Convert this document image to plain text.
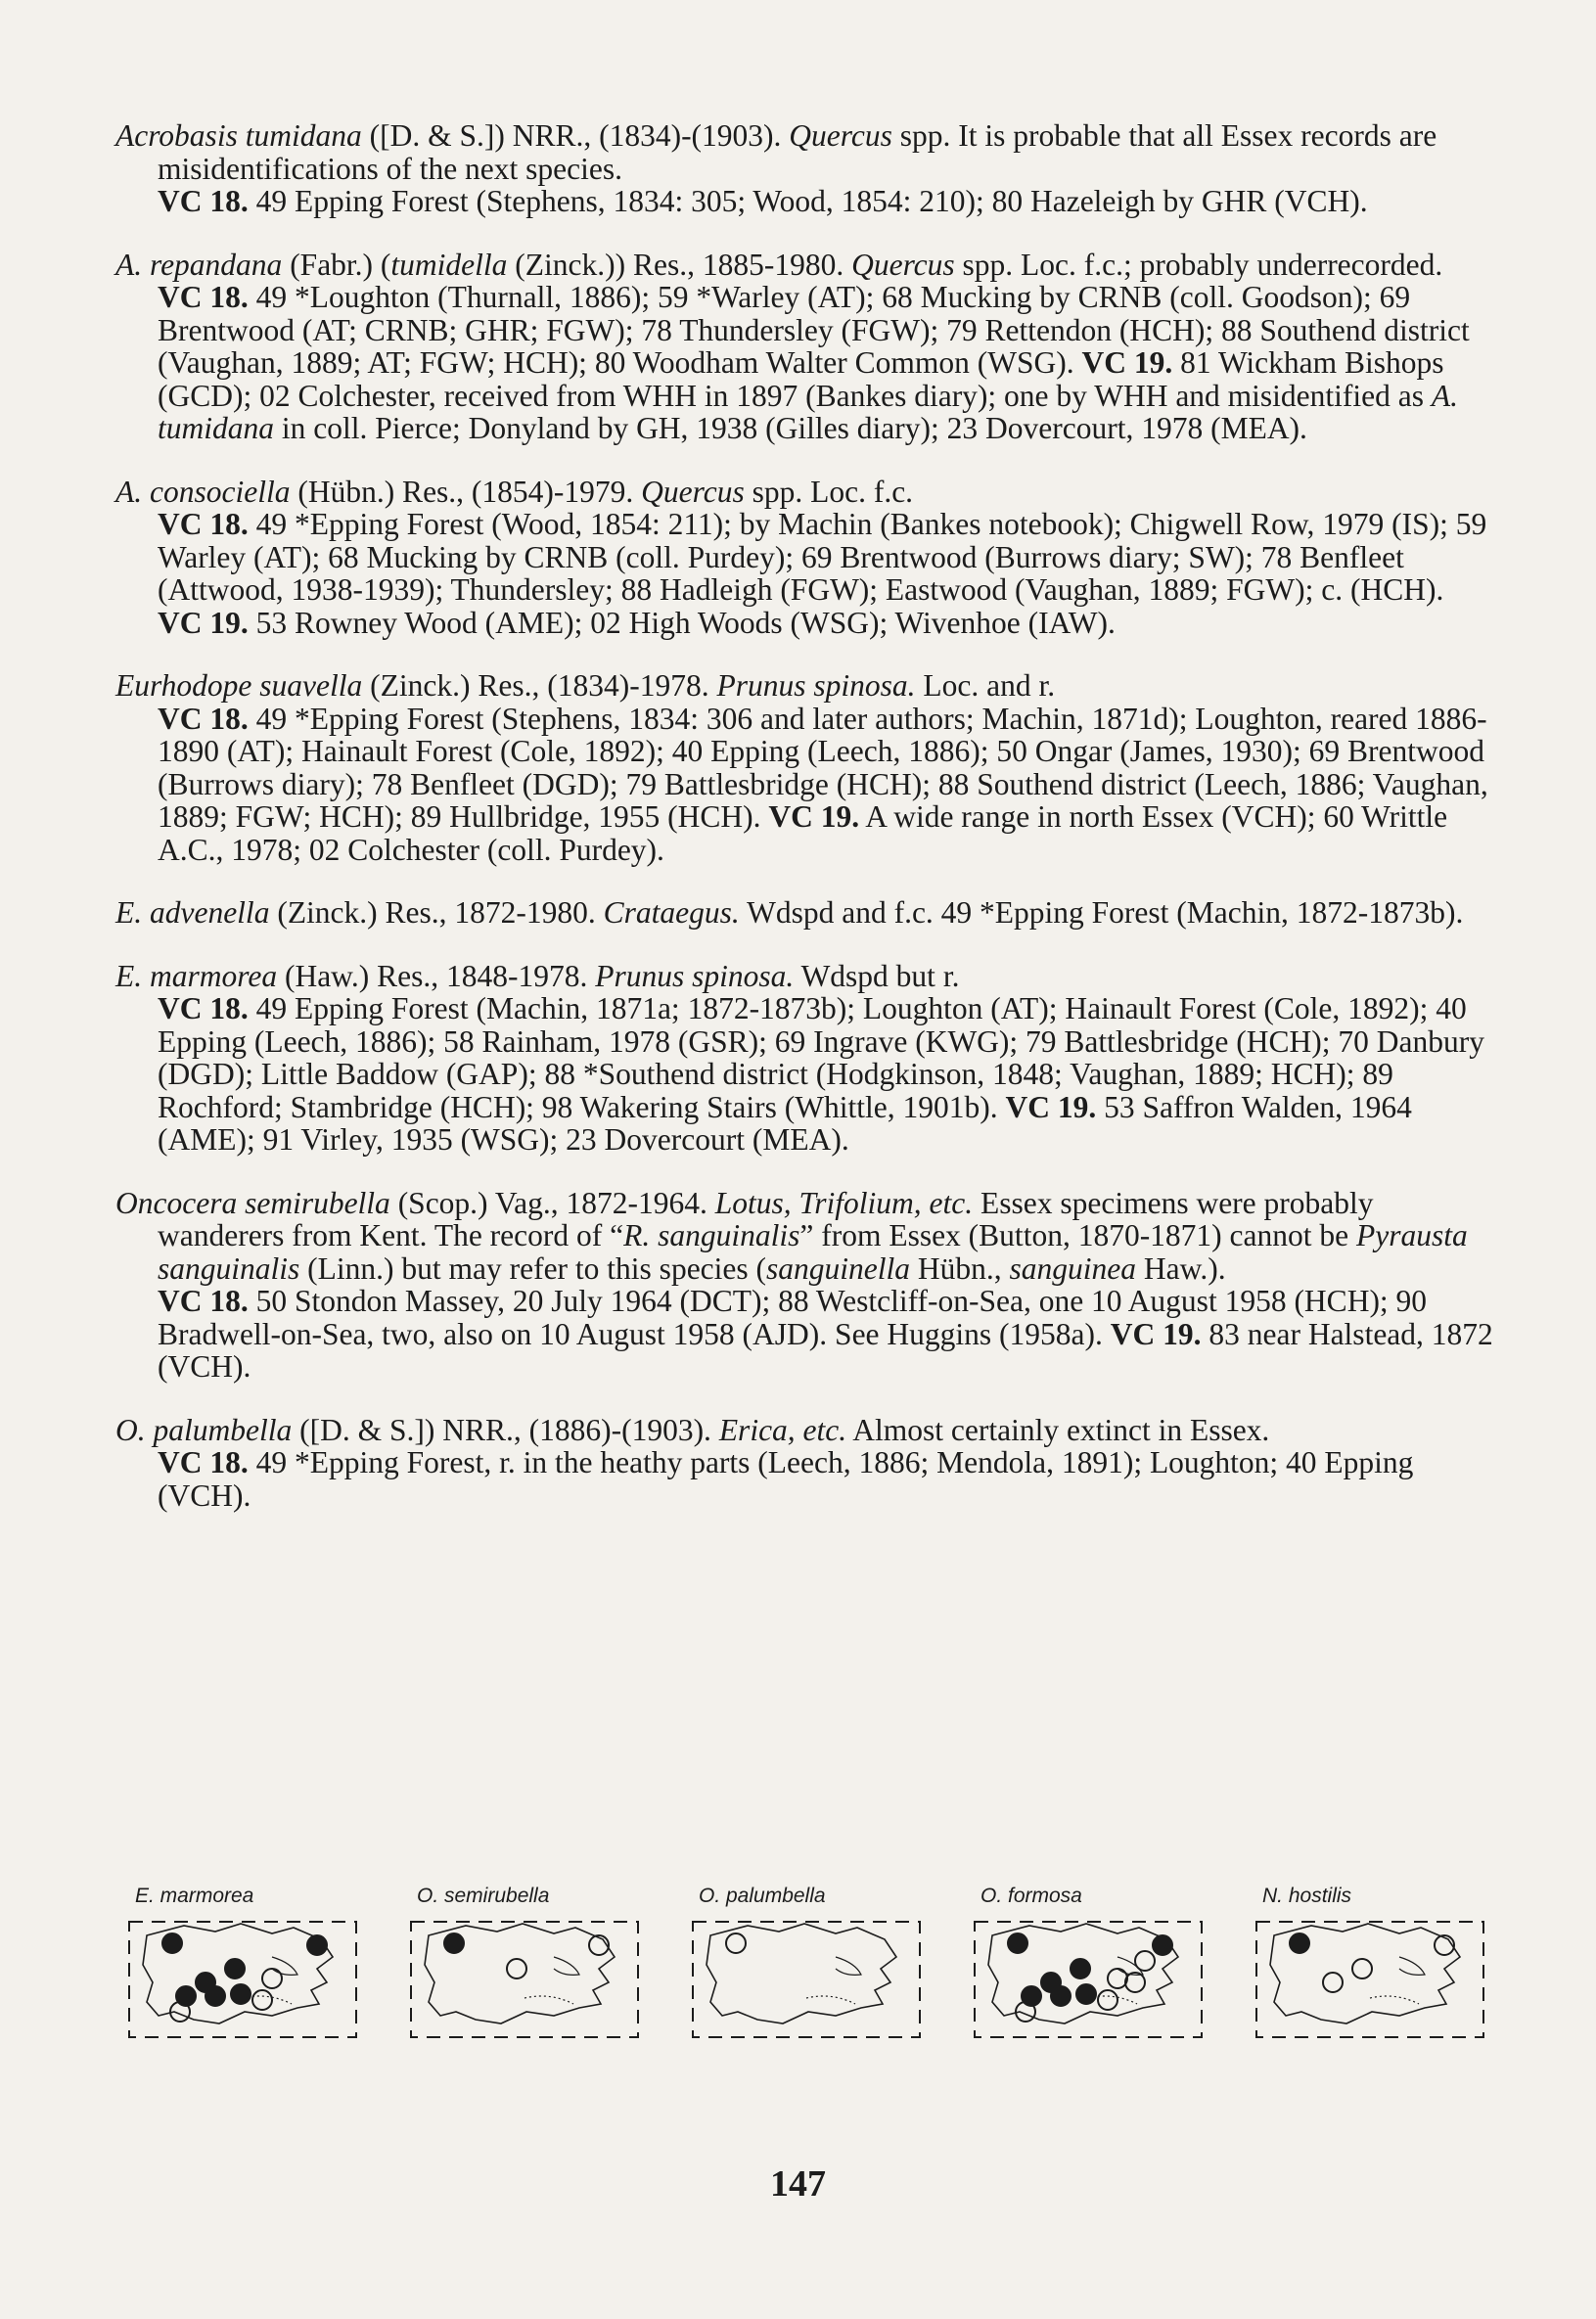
Acrobasis tumidana ([D. & S.]) NRR., (1834)-(1903). Quercus spp. It is probable that all Essex records are misidentifications of the next species.
VC 18. 49 Epping Forest (Stephens, 1834: 305; Wood, 1854: 210); 80 Hazeleigh by GHR (VCH).
A. repandana (Fabr.) (tumidella (Zinck.)) Res., 1885-1980. Quercus spp. Loc. f.c.; probably underrecorded.
VC 18. 49 *Loughton (Thurnall, 1886); 59 *Warley (AT); 68 Mucking by CRNB (coll. Goodson); 69 Brentwood (AT; CRNB; GHR; FGW); 78 Thundersley (FGW); 79 Rettendon (HCH); 88 Southend district (Vaughan, 1889; AT; FGW; HCH); 80 Woodham Walter Common (WSG). VC 19. 81 Wickham Bishops (GCD); 02 Colchester, received from WHH in 1897 (Bankes diary); one by WHH and misidentified as A. tumidana in coll. Pierce; Donyland by GH, 1938 (Gilles diary); 23 Dovercourt, 1978 (MEA).
A. consociella (Hübn.) Res., (1854)-1979. Quercus spp. Loc. f.c.
VC 18. 49 *Epping Forest (Wood, 1854: 211); by Machin (Bankes notebook); Chigwell Row, 1979 (IS); 59 Warley (AT); 68 Mucking by CRNB (coll. Purdey); 69 Brentwood (Burrows diary; SW); 78 Benfleet (Attwood, 1938-1939); Thundersley; 88 Hadleigh (FGW); Eastwood (Vaughan, 1889; FGW); c. (HCH). VC 19. 53 Rowney Wood (AME); 02 High Woods (WSG); Wivenhoe (IAW).
Eurhodope suavella (Zinck.) Res., (1834)-1978. Prunus spinosa. Loc. and r.
VC 18. 49 *Epping Forest (Stephens, 1834: 306 and later authors; Machin, 1871d); Loughton, reared 1886-1890 (AT); Hainault Forest (Cole, 1892); 40 Epping (Leech, 1886); 50 Ongar (James, 1930); 69 Brentwood (Burrows diary); 78 Benfleet (DGD); 79 Battlesbridge (HCH); 88 Southend district (Leech, 1886; Vaughan, 1889; FGW; HCH); 89 Hullbridge, 1955 (HCH). VC 19. A wide range in north Essex (VCH); 60 Writtle A.C., 1978; 02 Colchester (coll. Purdey).
E. advenella (Zinck.) Res., 1872-1980. Crataegus. Wdspd and f.c. 49 *Epping Forest (Machin, 1872-1873b).
E. marmorea (Haw.) Res., 1848-1978. Prunus spinosa. Wdspd but r.
VC 18. 49 Epping Forest (Machin, 1871a; 1872-1873b); Loughton (AT); Hainault Forest (Cole, 1892); 40 Epping (Leech, 1886); 58 Rainham, 1978 (GSR); 69 Ingrave (KWG); 79 Battlesbridge (HCH); 70 Danbury (DGD); Little Baddow (GAP); 88 *Southend district (Hodgkinson, 1848; Vaughan, 1889; HCH); 89 Rochford; Stambridge (HCH); 98 Wakering Stairs (Whittle, 1901b). VC 19. 53 Saffron Walden, 1964 (AME); 91 Virley, 1935 (WSG); 23 Dovercourt (MEA).
Oncocera semirubella (Scop.) Vag., 1872-1964. Lotus, Trifolium, etc. Essex specimens were probably wanderers from Kent. The record of “R. sanguinalis” from Essex (Button, 1870-1871) cannot be Pyrausta sanguinalis (Linn.) but may refer to this species (sanguinella Hübn., sanguinea Haw.).
VC 18. 50 Stondon Massey, 20 July 1964 (DCT); 88 Westcliff-on-Sea, one 10 August 1958 (HCH); 90 Bradwell-on-Sea, two, also on 10 August 1958 (AJD). See Huggins (1958a). VC 19. 83 near Halstead, 1872 (VCH).
O. palumbella ([D. & S.]) NRR., (1886)-(1903). Erica, etc. Almost certainly extinct in Essex.
VC 18. 49 *Epping Forest, r. in the heathy parts (Leech, 1886; Mendola, 1891); Loughton; 40 Epping (VCH).
E. marmorea	O. semirubella	O. palumbella	O. formosa	N. hostilis
147
